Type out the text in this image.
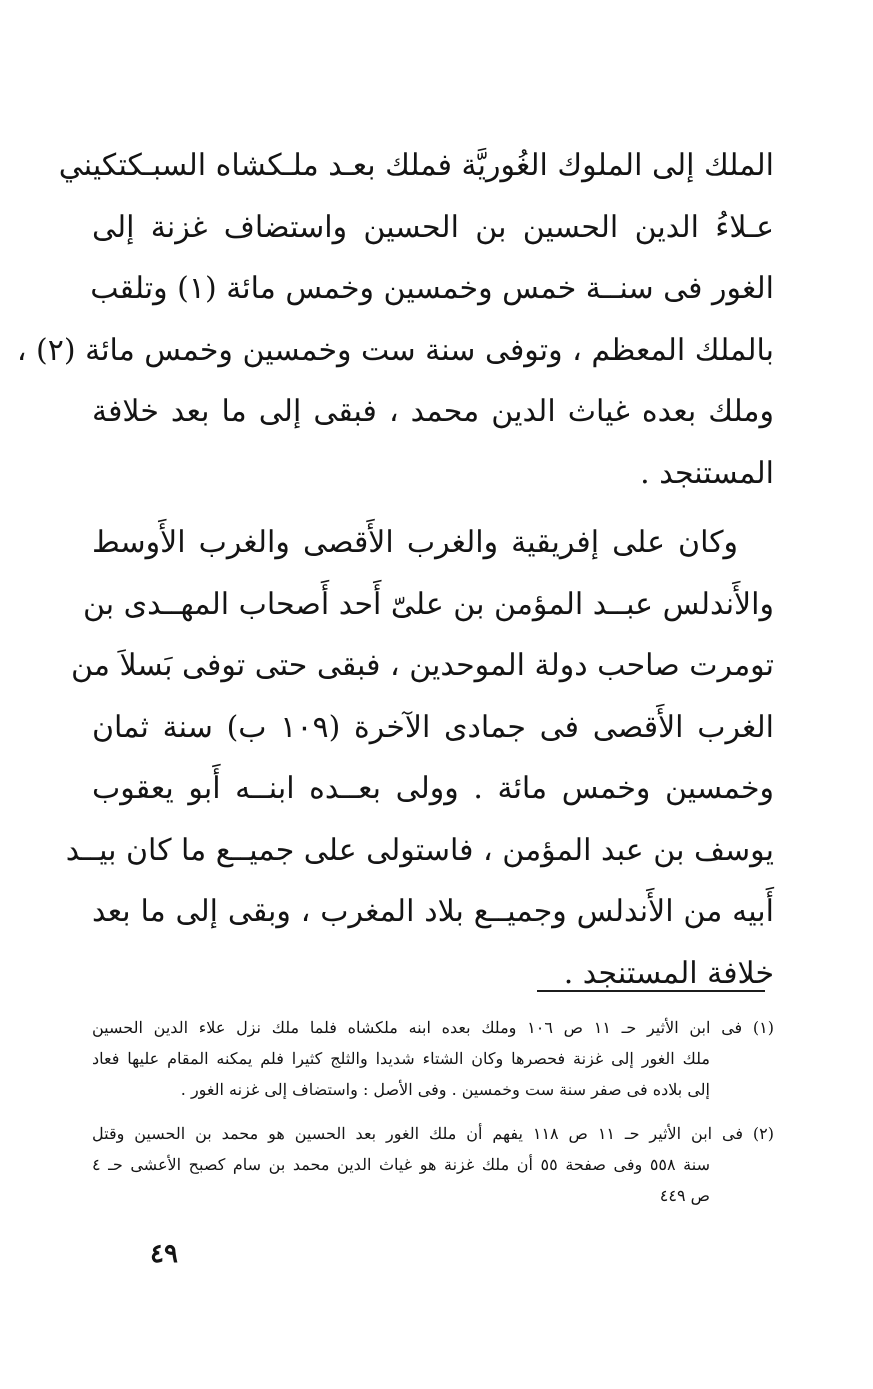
الملك إلى الملوك الغُوريَّة فملك بعـد ملـكشاه السبـكتكيني
عـلاءُ الدين الحسين بن الحسين واستضاف غزنة إلى
الغور فى سنــة خمس وخمسين وخمس مائة (١) وتلقب
بالملك المعظم ، وتوفى سنة ست وخمسين وخمس مائة (٢) ،
وملك بعده غياث الدين محمد ، فبقى إلى ما بعد خلافة
المستنجد .
وكان على إفريقية والغرب الأَقصى والغرب الأَوسط
والأَندلس عبــد المؤمن بن علىّ أَحد أَصحاب المهــدى بن
تومرت صاحب دولة الموحدين ، فبقى حتى توفى بَسلاَ من
الغرب الأَقصى فى جمادى الآخرة (١٠٩ ب) سنة ثمان
وخمسين وخمس مائة . وولى بعــده ابنــه أَبو يعقوب
يوسف بن عبد المؤمن ، فاستولى على جميــع ما كان بيــد
أَبيه من الأَندلس وجميــع بلاد المغرب ، وبقى إلى ما بعد
خلافة المستنجد .
(١) فى ابن الأثير حـ ١١ ص ١٠٦ وملك بعده ابنه ملكشاه فلما ملك نزل علاء الدين الحسين
ملك الغور إلى غزنة فحصرها وكان الشتاء شديدا والثلج كثيرا فلم يمكنه المقام عليها فعاد
إلى بلاده فى صفر سنة ست وخمسين . وفى الأصل : واستضاف إلى غزنه الغور .
(٢) فى ابن الأثير حـ ١١ ص ١١٨ يفهم أن ملك الغور بعد الحسين هو محمد بن الحسين وقتل
سنة ٥٥٨ وفى صفحة ٥٥ أن ملك غزنة هو غياث الدين محمد بن سام كصبح الأعشى حـ ٤
ص ٤٤٩
٤٩
